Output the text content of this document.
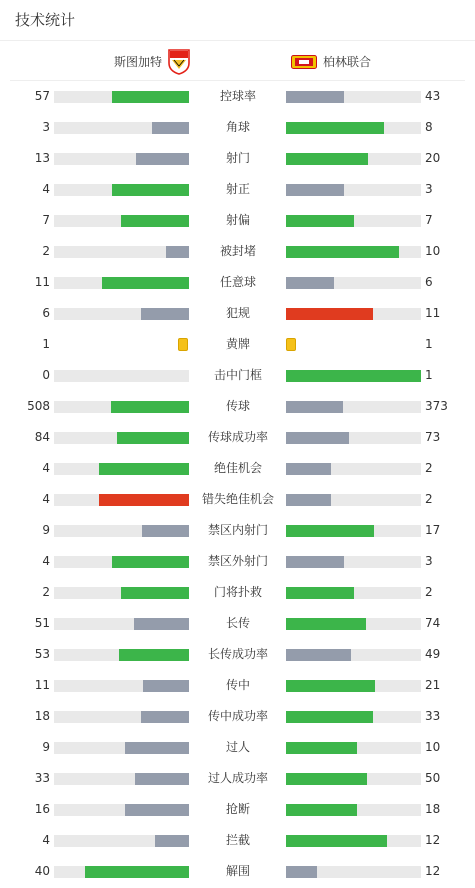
技术统计
斯图加特	柏林联合
57	控球率	43
3	角球	8
13	射门	20
4	射正	3
7	射偏	7
2	被封堵	10
11	任意球	6
6	犯规	11
1	黄牌	1
0	击中门框	1
508	传球	373
84	传球成功率	73
4	绝佳机会	2
4	错失绝佳机会	2
9	禁区内射门	17
4	禁区外射门	3
2	门将扑救	2
51	长传	74
53	长传成功率	49
11	传中	21
18	传中成功率	33
9	过人	10
33	过人成功率	50
16	抢断	18
4	拦截	12
40	解围	12
